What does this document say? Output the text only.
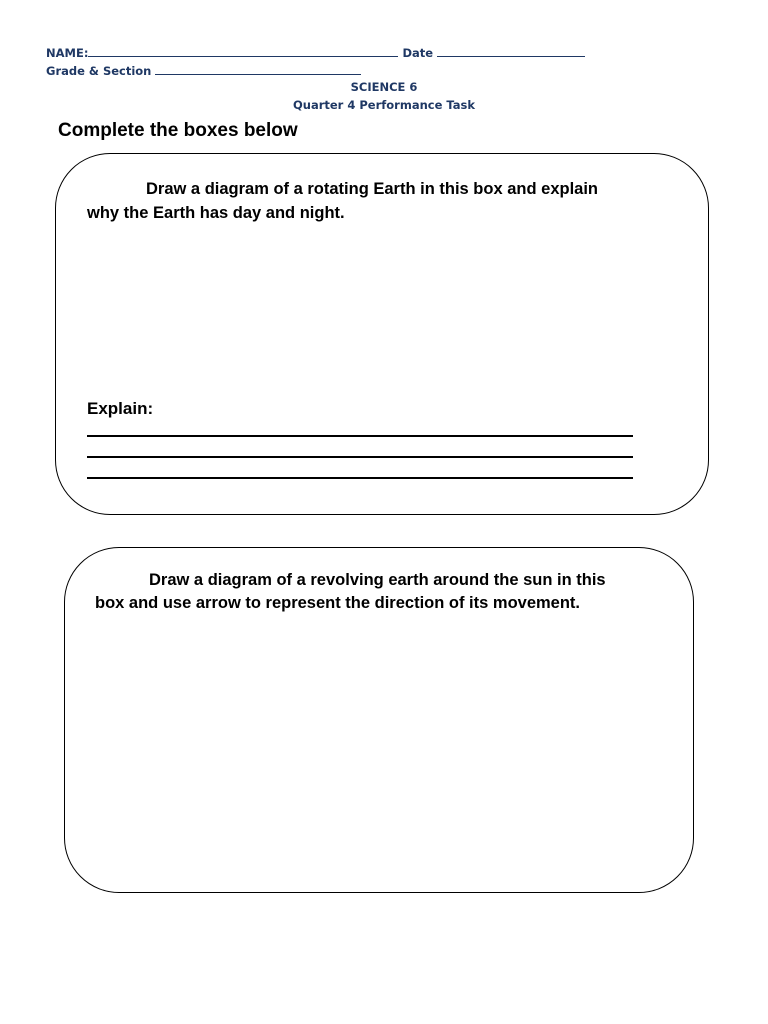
NAME:	Date
Grade & Section
SCIENCE 6
Quarter 4 Performance Task
Complete the boxes below
Draw a diagram of a rotating Earth in this box and explain
why the Earth has day and night.
Explain:
Draw a diagram of a revolving earth around the sun in this
box and use arrow to represent the direction of its movement.
